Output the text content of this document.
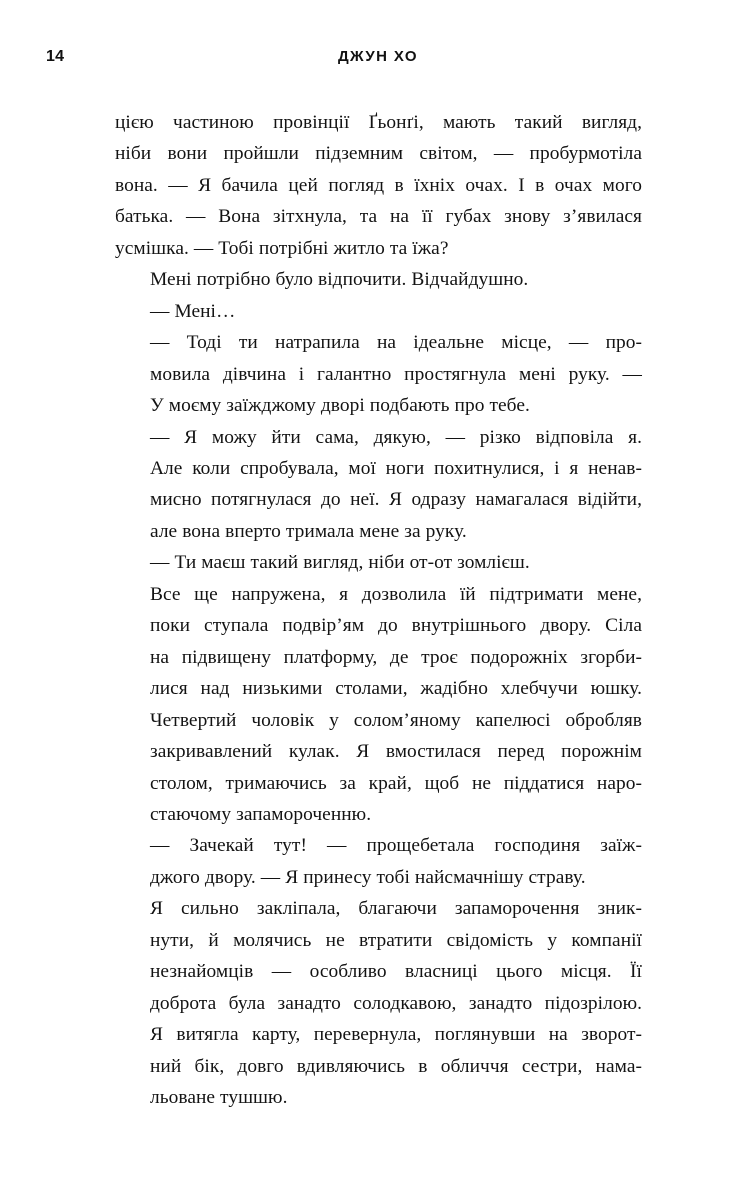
14	ДЖУН ХО

цією частиною провінції Ґьонґі, мають такий вигляд,
ніби вони пройшли підземним світом, — пробурмотіла
вона. — Я бачила цей погляд в їхніх очах. І в очах мого
батька. — Вона зітхнула, та на її губах знову з’явилася
усмішка. — Тобі потрібні житло та їжа?

Мені потрібно було відпочити. Відчайдушно.

— Мені…

— Тоді ти натрапила на ідеальне місце, — про-
мовила дівчина і галантно простягнула мені руку. —
У моєму заїжджому дворі подбають про тебе.

— Я можу йти сама, дякую, — різко відповіла я.
Але коли спробувала, мої ноги похитнулися, і я ненав-
мисно потягнулася до неї. Я одразу намагалася відійти,
але вона вперто тримала мене за руку.

— Ти маєш такий вигляд, ніби от-от зомлієш.

Все ще напружена, я дозволила їй підтримати мене,
поки ступала подвір’ям до внутрішнього двору. Сіла
на підвищену платформу, де троє подорожніх згорби-
лися над низькими столами, жадібно хлебчучи юшку.
Четвертий чоловік у солом’яному капелюсі обробляв
закривавлений кулак. Я вмостилася перед порожнім
столом, тримаючись за край, щоб не піддатися наро-
стаючому запамороченню.

— Зачекай тут! — прощебетала господиня заїж-
джого двору. — Я принесу тобі найсмачнішу страву.

Я сильно закліпала, благаючи запаморочення зник-
нути, й молячись не втратити свідомість у компанії
незнайомців — особливо власниці цього місця. Її
доброта була занадто солодкавою, занадто підозрілою.
Я витягла карту, перевернула, поглянувши на зворот-
ний бік, довго вдивляючись в обличчя сестри, нама-
льоване тушшю.
